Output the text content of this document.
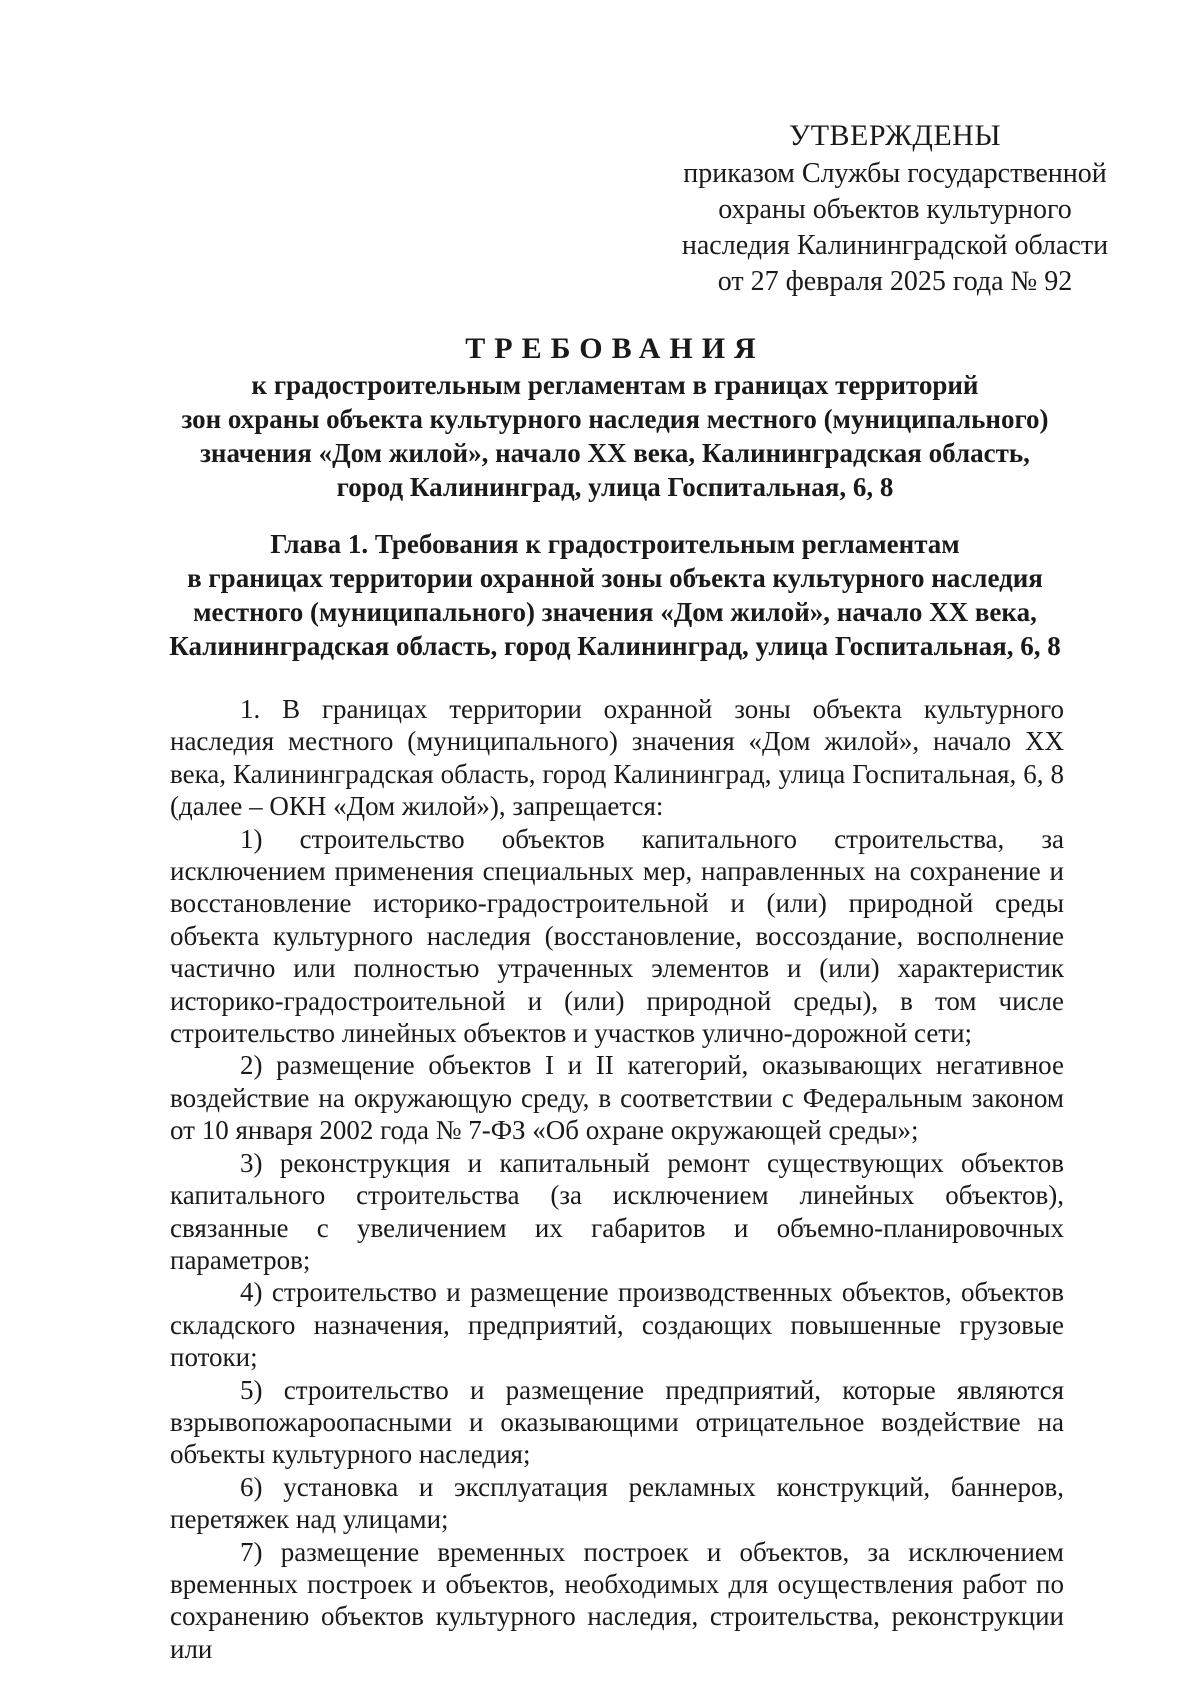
УТВЕРЖДЕНЫ
приказом Службы государственной
охраны объектов культурного
наследия Калининградской области
от 27 февраля 2025 года № 92
ТРЕБОВАНИЯ
к градостроительным регламентам в границах территорий
зон охраны объекта культурного наследия местного (муниципального)
значения «Дом жилой», начало XX века, Калининградская область,
город Калининград, улица Госпитальная, 6, 8
Глава 1. Требования к градостроительным регламентам
в границах территории охранной зоны объекта культурного наследия
местного (муниципального) значения «Дом жилой», начало XX века,
Калининградская область, город Калининград, улица Госпитальная, 6, 8

1. В границах территории охранной зоны объекта культурного наследия местного (муниципального) значения «Дом жилой», начало XX века, Калининградская область, город Калининград, улица Госпитальная, 6, 8 (далее – ОКН «Дом жилой»), запрещается:

1) строительство объектов капитального строительства, за исключением применения специальных мер, направленных на сохранение и восстановление историко-градостроительной и (или) природной среды объекта культурного наследия (восстановление, воссоздание, восполнение частично или полностью утраченных элементов и (или) характеристик историко-градостроительной и (или) природной среды), в том числе строительство линейных объектов и участков улично-дорожной сети;

2) размещение объектов I и II категорий, оказывающих негативное воздействие на окружающую среду, в соответствии с Федеральным законом от 10 января 2002 года № 7-ФЗ «Об охране окружающей среды»;

3) реконструкция и капитальный ремонт существующих объектов капитального строительства (за исключением линейных объектов), связанные с увеличением их габаритов и объемно-планировочных параметров;

4) строительство и размещение производственных объектов, объектов складского назначения, предприятий, создающих повышенные грузовые потоки;

5) строительство и размещение предприятий, которые являются взрывопожароопасными и оказывающими отрицательное воздействие на объекты культурного наследия;

6) установка и эксплуатация рекламных конструкций, баннеров, перетяжек над улицами;

7) размещение временных построек и объектов, за исключением временных построек и объектов, необходимых для осуществления работ по сохранению объектов культурного наследия, строительства, реконструкции или
